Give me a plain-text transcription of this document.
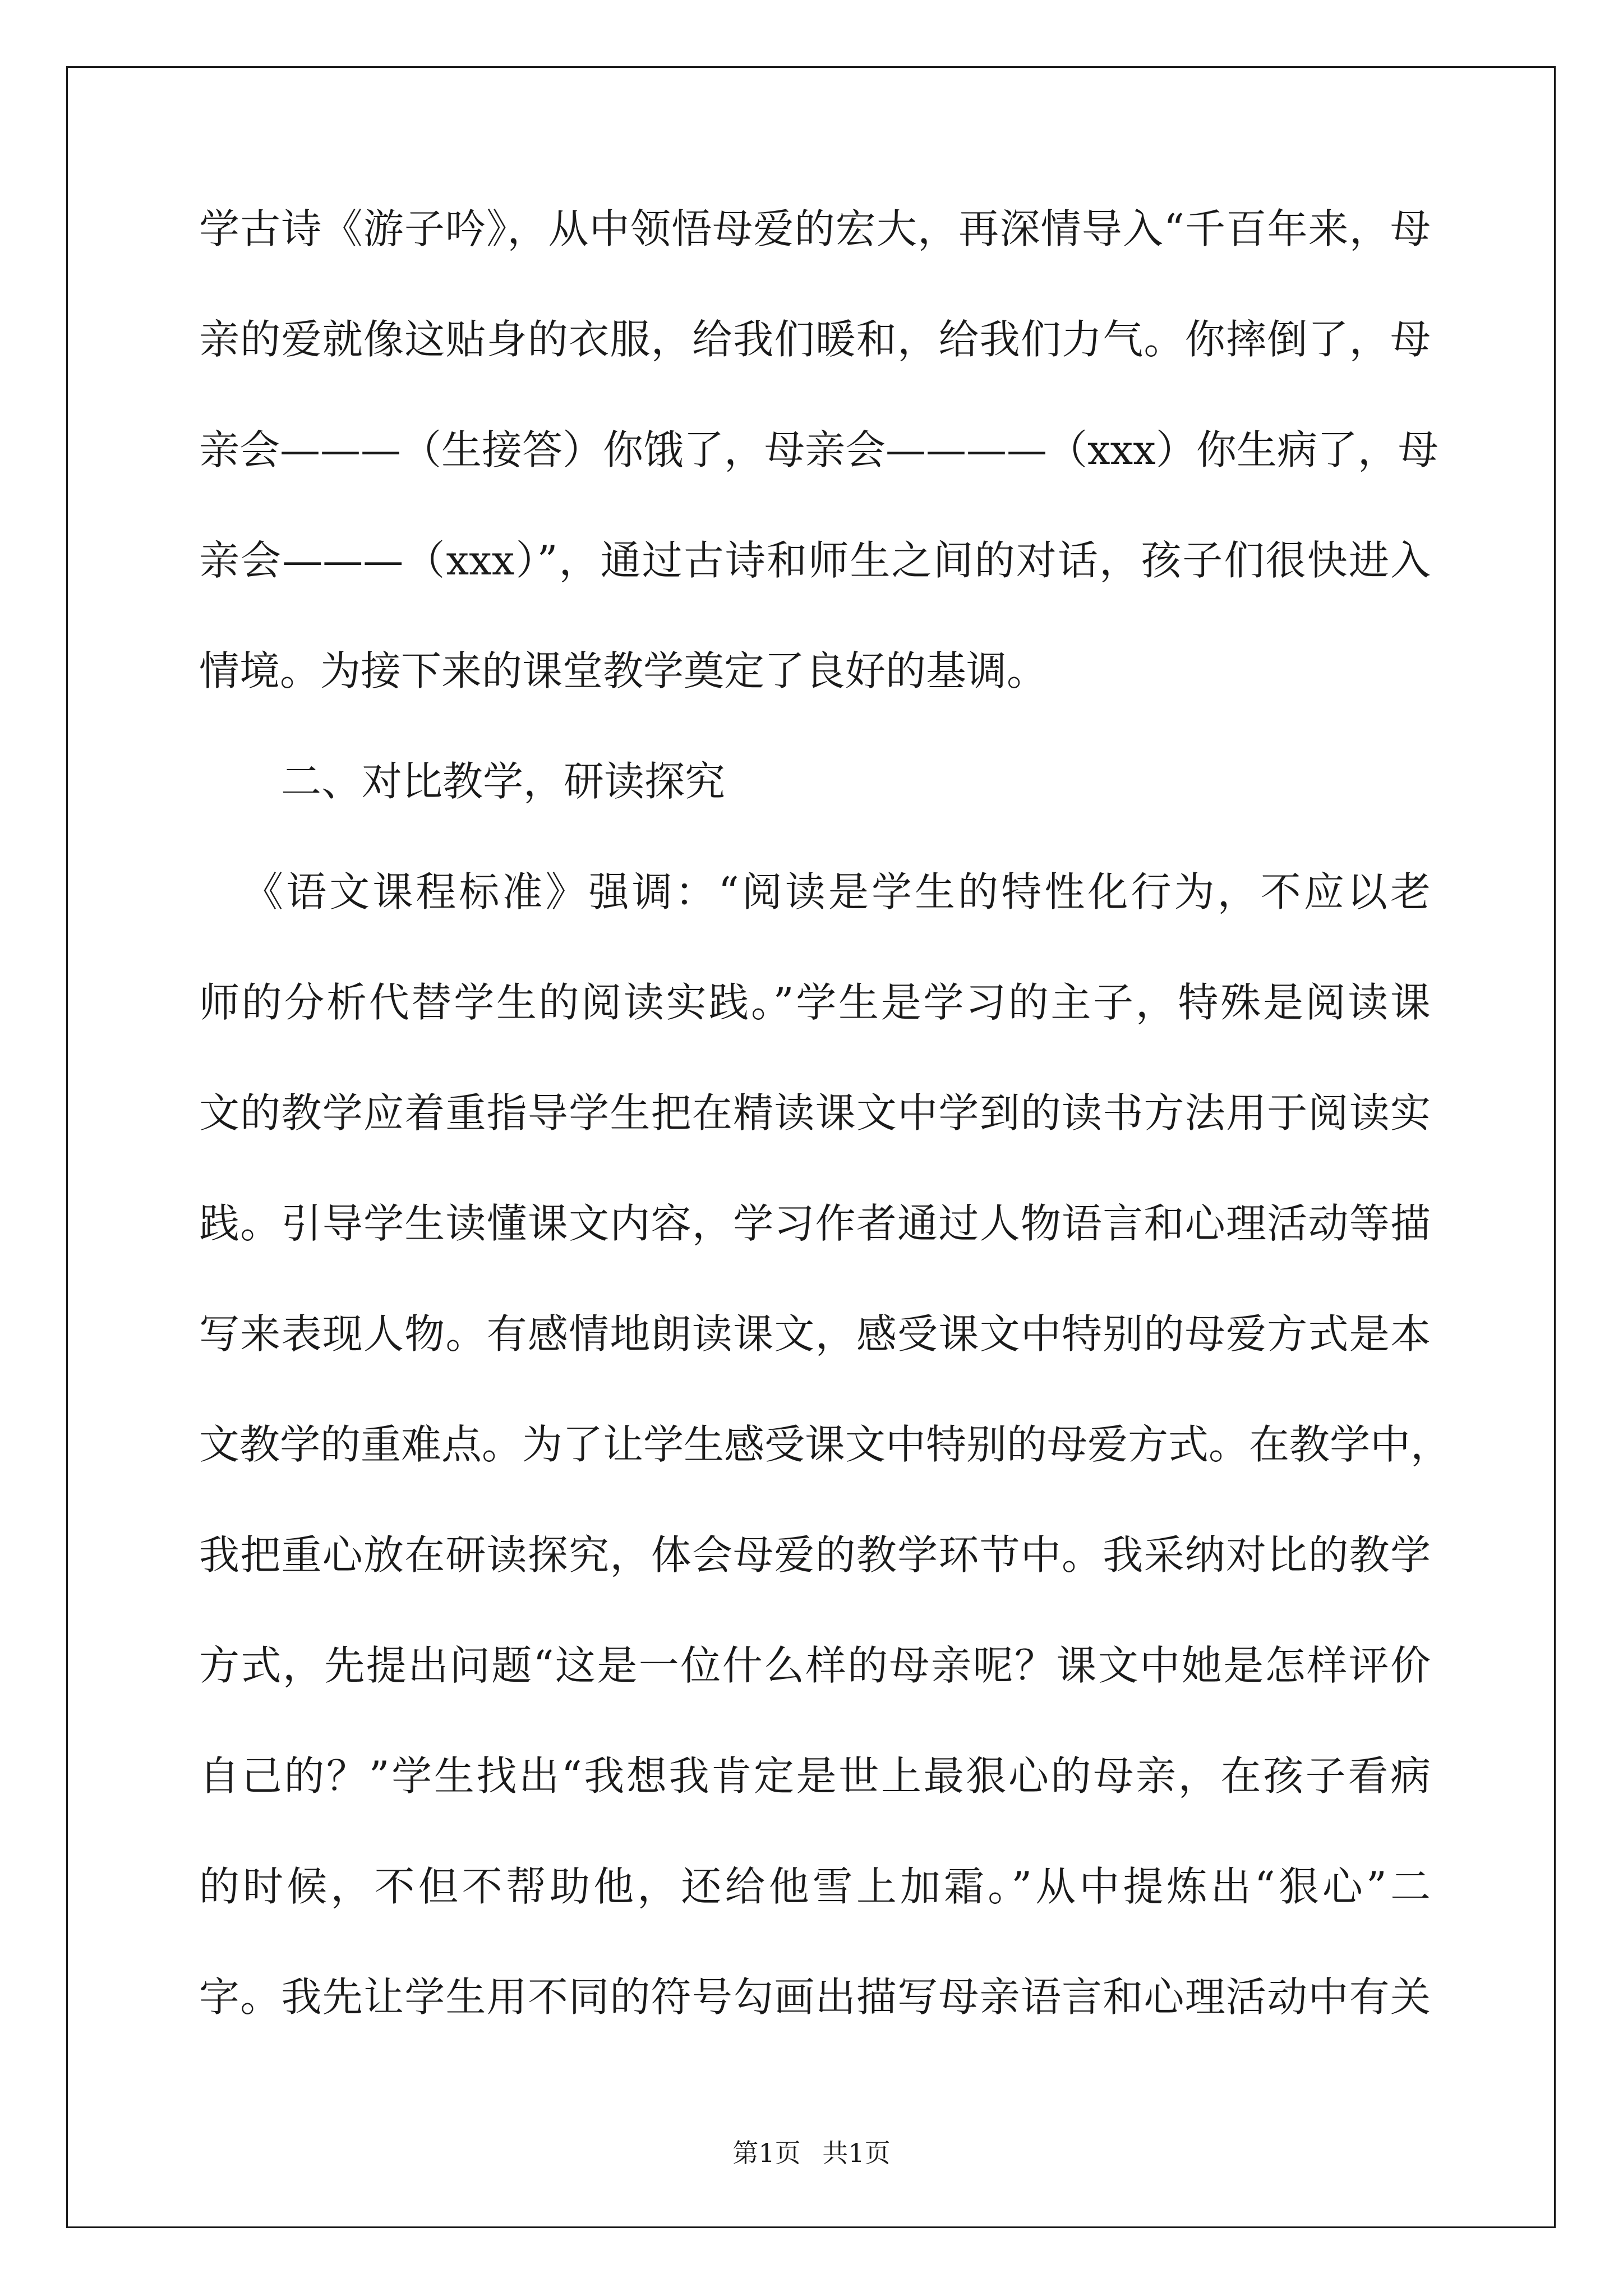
学古诗《游子吟》，从中领悟母爱的宏大，再深情导入“千百年来，母
亲的爱就像这贴身的衣服，给我们暖和，给我们力气。你摔倒了，母
亲会———（生接答）你饿了，母亲会————（xxx）你生病了，母
亲会———（xxx）”，通过古诗和师生之间的对话，孩子们很快进入
情境。为接下来的课堂教学奠定了良好的基调。
二、对比教学，研读探究
《语文课程标准》强调：“阅读是学生的特性化行为，不应以老
师的分析代替学生的阅读实践。”学生是学习的主子，特殊是阅读课
文的教学应着重指导学生把在精读课文中学到的读书方法用于阅读实
践。引导学生读懂课文内容，学习作者通过人物语言和心理活动等描
写来表现人物。有感情地朗读课文，感受课文中特别的母爱方式是本
文教学的重难点。为了让学生感受课文中特别的母爱方式。在教学中，
我把重心放在研读探究，体会母爱的教学环节中。我采纳对比的教学
方式，先提出问题“这是一位什么样的母亲呢？课文中她是怎样评价
自己的？”学生找出“我想我肯定是世上最狠心的母亲，在孩子看病
的时候，不但不帮助他，还给他雪上加霜。”从中提炼出“狠心”二
字。我先让学生用不同的符号勾画出描写母亲语言和心理活动中有关
第1页 共1页
